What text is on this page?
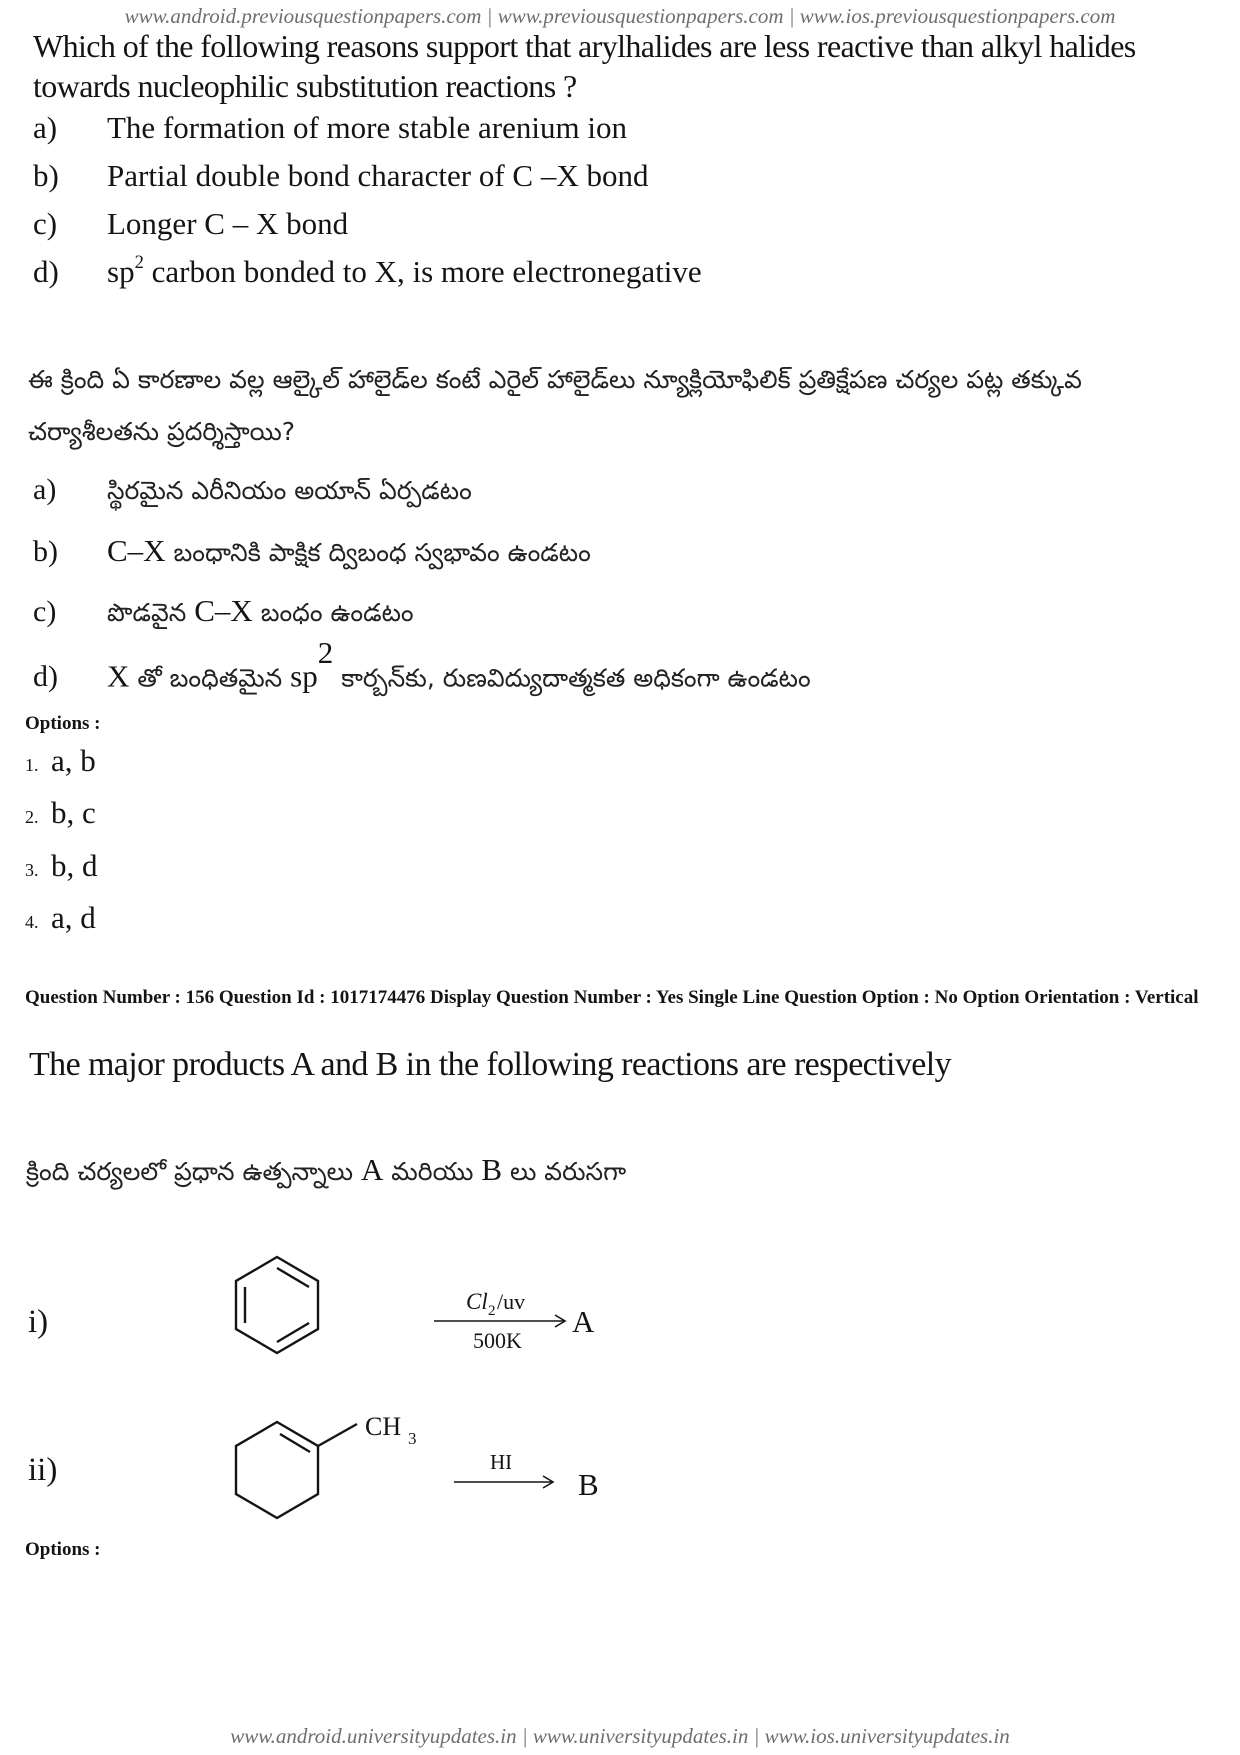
www.android.previousquestionpapers.com | www.previousquestionpapers.com | www.ios.previousquestionpapers.com
Which of the following reasons support that arylhalides are less reactive than alkyl halides towards nucleophilic substitution reactions ?
a) The formation of more stable arenium ion
b) Partial double bond character of C –X bond
c) Longer C – X bond
d) $sp^2$ carbon bonded to X, is more electronegative
ఈ క్రింది ఏ కారణాల వల్ల ఆల్కైల్ హాలైడ్‌ల కంటే ఎరైల్ హాలైడ్‌లు న్యూక్లియోఫిలిక్ ప్రతిక్షేపణ చర్యల పట్ల తక్కువ చర్యాశీలతను ప్రదర్శిస్తాయి?
a) స్థిరమైన ఎరీనియం అయాన్ ఏర్పడటం
b) C–X బంధానికి పాక్షిక ద్విబంధ స్వభావం ఉండటం
c) పొడవైన C–X బంధం ఉండటం
d) X తో బంధితమైన $sp^2$ కార్బన్‌కు, రుణవిద్యుదాత్మకత అధికంగా ఉండటం
Options :
1. a, b
2. b, c
3. b, d
4. a, d
Question Number : 156 Question Id : 1017174476 Display Question Number : Yes Single Line Question Option : No Option Orientation : Vertical
The major products A and B in the following reactions are respectively
క్రింది చర్యలలో ప్రధాన ఉత్పన్నాలు A మరియు B లు వరుసగా
i)
Cl 2 /uv
A
500K
ii)
CH 3
HI
B
Options :
www.android.universityupdates.in | www.universityupdates.in | www.ios.universityupdates.in
